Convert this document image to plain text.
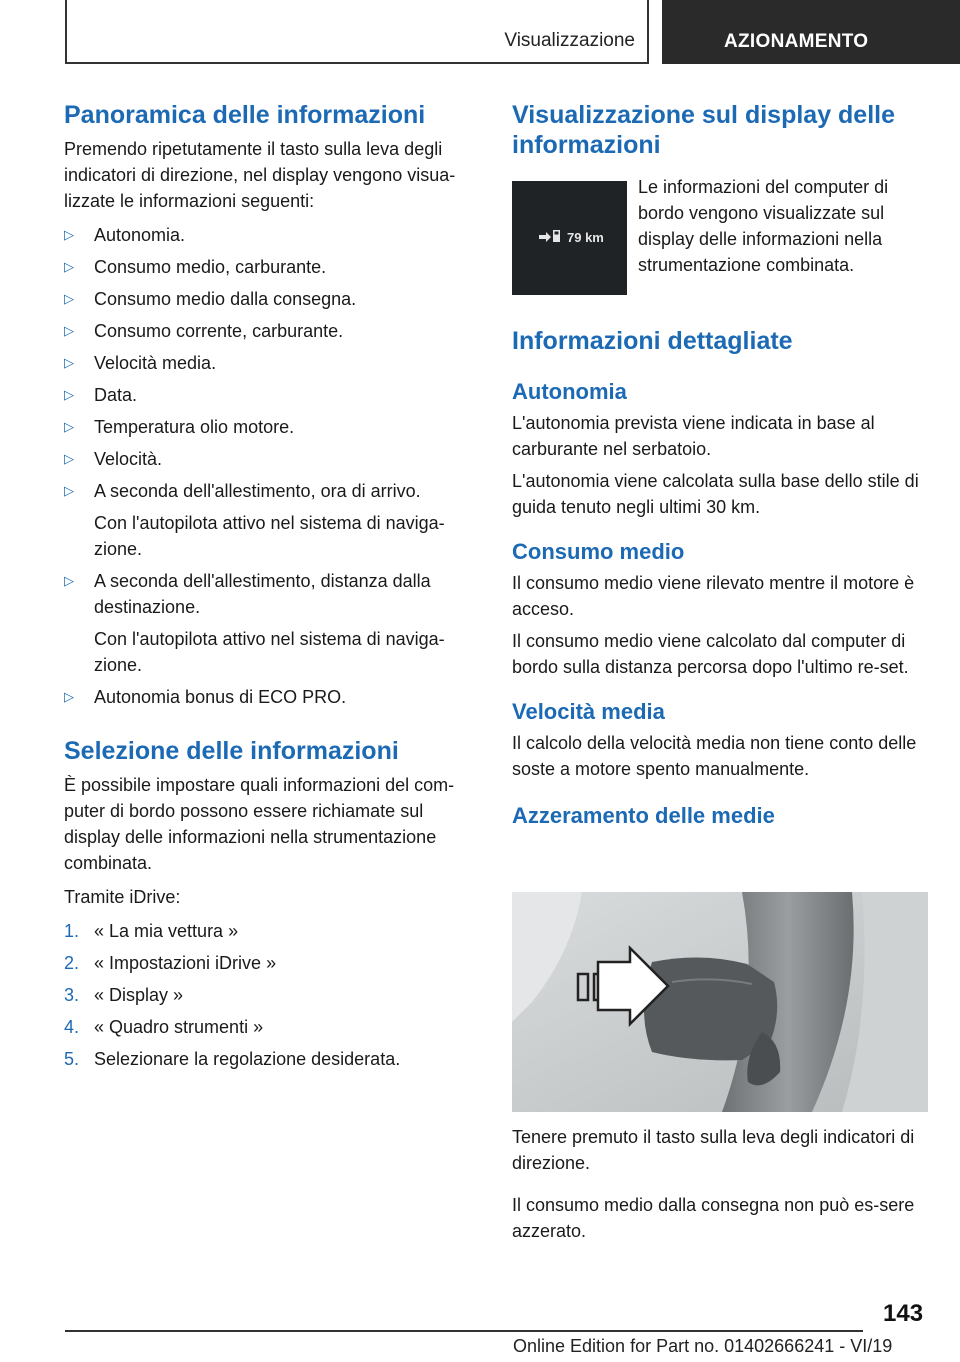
Visualizzazione	AZIONAMENTO
Panoramica delle informazioni

Premendo ripetutamente il tasto sulla leva degli indicatori di direzione, nel display vengono visua-lizzate le informazioni seguenti:

▷ Autonomia.
▷ Consumo medio, carburante.
▷ Consumo medio dalla consegna.
▷ Consumo corrente, carburante.
▷ Velocità media.
▷ Data.
▷ Temperatura olio motore.
▷ Velocità.
▷ A seconda dell'allestimento, ora di arrivo.
Con l'autopilota attivo nel sistema di naviga-zione.
▷ A seconda dell'allestimento, distanza dalla destinazione.
Con l'autopilota attivo nel sistema di naviga-zione.
▷ Autonomia bonus di ECO PRO.
Selezione delle informazioni

È possibile impostare quali informazioni del com-puter di bordo possono essere richiamate sul display delle informazioni nella strumentazione combinata.

Tramite iDrive:

1. « La mia vettura »
2. « Impostazioni iDrive »
3. « Display »
4. « Quadro strumenti »
5. Selezionare la regolazione desiderata.
Visualizzazione sul display delle informazioni
79 km

Le informazioni del computer di bordo vengono visualizzate sul display delle informazioni nella strumentazione combinata.

Informazioni dettagliate
Autonomia

L'autonomia prevista viene indicata in base al carburante nel serbatoio.

L'autonomia viene calcolata sulla base dello stile di guida tenuto negli ultimi 30 km.

Consumo medio

Il consumo medio viene rilevato mentre il motore è acceso.

Il consumo medio viene calcolato dal computer di bordo sulla distanza percorsa dopo l'ultimo re-set.

Velocità media

Il calcolo della velocità media non tiene conto delle soste a motore spento manualmente.

Azzeramento delle medie

Tenere premuto il tasto sulla leva degli indicatori di direzione.

Il consumo medio dalla consegna non può es-sere azzerato.

143
Online Edition for Part no. 01402666241 - VI/19
